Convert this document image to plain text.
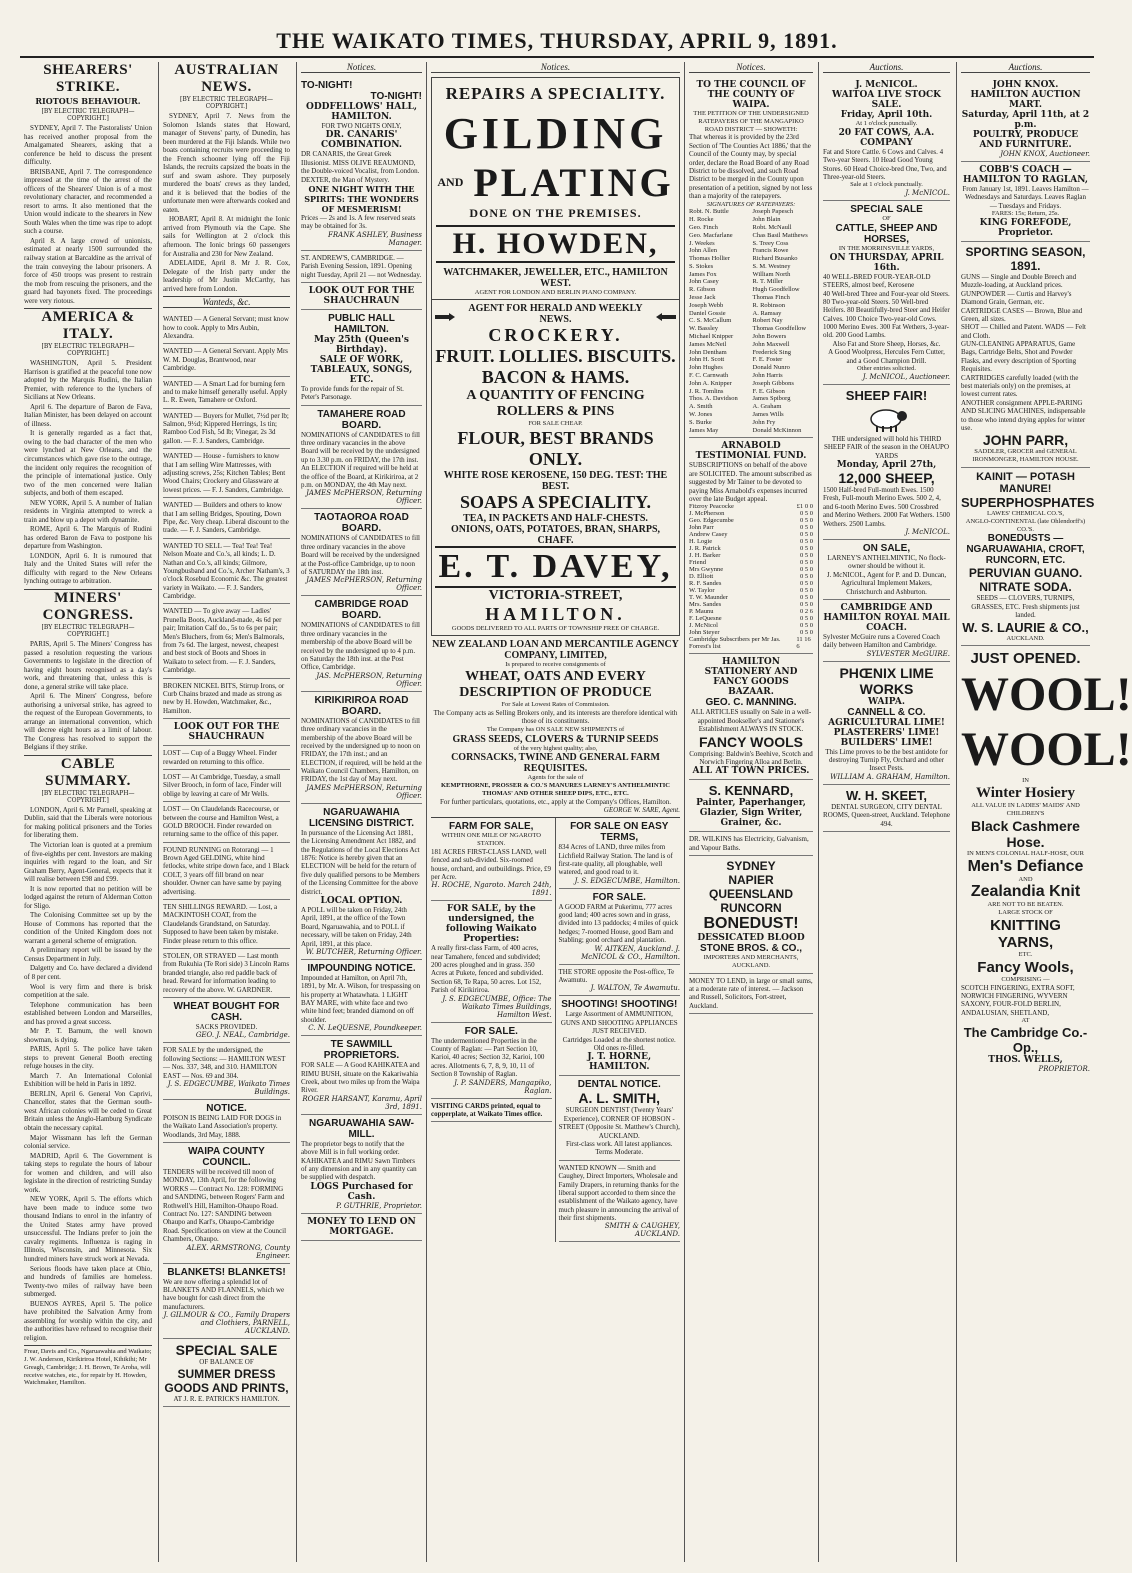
THE WAIKATO TIMES, THURSDAY, APRIL 9, 1891.
SHEARERS' STRIKE.
RIOTOUS BEHAVIOUR.
[BY ELECTRIC TELEGRAPH—COPYRIGHT.]

SYDNEY, April 7. The Pastoralists' Union has received another proposal from the Amalgamated Shearers, asking that a conference be held to discuss the present difficulty.

BRISBANE, April 7. The correspondence impressed at the time of the arrest of the officers of the Shearers' Union is of a most revolutionary character, and recommended a resort to arms. It also mentioned that the Union would indicate to the shearers in New South Wales when the time was ripe to adopt such a course.

April 8. A large crowd of unionists, estimated at nearly 1500 surrounded the railway station at Barcaldine as the arrival of the train conveying the labour prisoners. A force of 450 troops was present to restrain the mob from rescuing the prisoners, and the guard had bayonets fixed. The proceedings were very riotous.

AMERICA & ITALY.
[BY ELECTRIC TELEGRAPH—COPYRIGHT.]

WASHINGTON, April 5. President Harrison is gratified at the peaceful tone now adopted by the Marquis Rudini, the Italian Premier, with reference to the lynchers of Sicilians at New Orleans.

April 6. The departure of Baron de Fava, Italian Minister, has been delayed on account of illness.

It is generally regarded as a fact that, owing to the bad character of the men who were lynched at New Orleans, and the circumstances which gave rise to the outrage, the incident only requires the recognition of the principle of international justice. Only two of the men concerned were Italian subjects, and both of them escaped.

NEW YORK, April 5. A number of Italian residents in Virginia attempted to wreck a train and blow up a depot with dynamite.

ROME, April 6. The Marquis of Rudini has ordered Baron de Fava to postpone his departure from Washington.

LONDON, April 6. It is rumoured that Italy and the United States will refer the difficulty with regard to the New Orleans lynching outrage to arbitration.

MINERS' CONGRESS.
[BY ELECTRIC TELEGRAPH—COPYRIGHT.]

PARIS, April 5. The Miners' Congress has passed a resolution requesting the various Governments to legislate in the direction of having eight hours recognised as a day's work, and threatening that, unless this is done, a general strike will take place.

April 6. The Miners' Congress, before authorising a universal strike, has agreed to the request of the European Governments, to arrange an international convention, which will decree eight hours as a limit of labour. The Congress has resolved to support the Belgians if they strike.

CABLE SUMMARY.
[BY ELECTRIC TELEGRAPH—COPYRIGHT.]

LONDON, April 6. Mr Parnell, speaking at Dublin, said that the Liberals were notorious for making political prisoners and the Tories for liberating them.

The Victorian loan is quoted at a premium of five-eighths per cent. Investors are making inquiries with regard to the loan, and Sir Graham Berry, Agent-General, expects that it will realise between £98 and £99.

It is now reported that no petition will be lodged against the return of Alderman Cotton for Sligo.

The Colonising Committee set up by the House of Commons has reported that the condition of the United Kingdom does not warrant a general scheme of emigration.

A preliminary report will be issued by the Census Department in July.

Dalgetty and Co. have declared a dividend of 8 per cent.

Wool is very firm and there is brisk competition at the sale.

Telephone communication has been established between London and Marseilles, and has proved a great success.

Mr P. T. Barnum, the well known showman, is dying.

PARIS, April 5. The police have taken steps to prevent General Booth erecting refuge houses in the city.

March 7. An International Colonial Exhibition will be held in Paris in 1892.

BERLIN, April 6. General Von Caprivi, Chancellor, states that the German south-west African colonies will be ceded to Great Britain unless the Anglo-Hamburg Syndicate obtain the necessary capital.

Major Wissmann has left the German colonial service.

MADRID, April 6. The Government is taking steps to regulate the hours of labour for women and children, and will also legislate in the direction of restricting Sunday work.

NEW YORK, April 5. The efforts which have been made to induce some two thousand Indians to enrol in the infantry of the United States army have proved unsuccessful. The Indians prefer to join the cavalry regiments. Influenza is raging in Illinois, Wisconsin, and Minnesota. Six hundred miners have struck work at Nevada.

Serious floods have taken place at Ohio, and hundreds of families are homeless. Twenty-two miles of railway have been submerged.

BUENOS AYRES, April 5. The police have prohibited the Salvation Army from assembling for worship within the city, and the authorities have refused to recognise their religion.

Frear, Davis and Co., Ngaruawahia and Waikato; J. W. Anderson, Kirikiriroa Hotel, Kihikihi; Mr Greagh, Cambridge; J. H. Brown, Te Aroha, will receive watches, etc., for repair by H. Howden, Watchmaker, Hamilton.

AUSTRALIAN NEWS.
[BY ELECTRIC TELEGRAPH—COPYRIGHT.]

SYDNEY, April 7. News from the Solomon Islands states that Howard, manager of Stevens' party, of Dunedin, has been murdered at the Fiji Islands. While two boats containing recruits were proceeding to the French schooner lying off the Fiji Islands, the recruits capsized the boats in the surf and swam ashore. They purposely murdered the boats' crews as they landed, and it is believed that the bodies of the unfortunate men were afterwards cooked and eaten.

HOBART, April 8. At midnight the Ionic arrived from Plymouth via the Cape. She sails for Wellington at 2 o'clock this afternoon. The Ionic brings 60 passengers for Australia and 230 for New Zealand.

ADELAIDE, April 8. Mr J. R. Cox, Delegate of the Irish party under the leadership of Mr Justin McCarthy, has arrived here from London.

Wanteds, &c.

WANTED — A General Servant; must know how to cook. Apply to Mrs Aubin, Alexandra.

WANTED — A General Servant. Apply Mrs W. M. Douglas, Brantwood, near Cambridge.

WANTED — A Smart Lad for burning fern and to make himself generally useful. Apply L. R. Ewen, Tamahere or Oxford.

WANTED — Buyers for Mullet, 7½d per lb; Salmon, 9½d; Kippered Herrings, 1s tin; Ramboo Cod Fish, 5d lb; Vinegar, 2s 3d gallon. — F. J. Sanders, Cambridge.

WANTED — House - furnishers to know that I am selling Wire Mattresses, with adjusting screws, 25s; Kitchen Tables; Bent Wood Chairs; Crockery and Glassware at lowest prices. — F. J. Sanders, Cambridge.

WANTED — Builders and others to know that I am selling Bridges, Spouting, Down Pipe, &c. Very cheap. Liberal discount to the trade. — F. J. Sanders, Cambridge.

WANTED TO SELL — Tea! Tea! Tea! Nelson Moate and Co.'s, all kinds; L. D. Nathan and Co.'s, all kinds; Gilmore, Youngbusband and Co.'s, Archer Natham's, 3 o'clock Rosebud Economic &c. The greatest variety in Waikato. — F. J. Sanders, Cambridge.

WANTED — To give away — Ladies' Prunella Boots, Auckland-made, 4s 6d per pair; Imitation Calf do., 5s to 6s per pair; Men's Bluchers, from 6s; Men's Balmorals, from 7s 6d. The largest, newest, cheapest and best stock of Boots and Shoes in Waikato to select from. — F. J. Sanders, Cambridge.

BROKEN NICKEL BITS, Stirrup Irons, or Curb Chains brazed and made as strong as new by H. Howden, Watchmaker, &c., Hamilton.

LOOK OUT FOR THE SHAUCHRAUN

LOST — Cup of a Buggy Wheel. Finder rewarded on returning to this office.

LOST — At Cambridge, Tuesday, a small Silver Brooch, in form of lace, Finder will oblige by leaving at care of Mr Wells.

LOST — On Claudelands Racecourse, or between the course and Hamilton West, a GOLD BROOCH. Finder rewarded on returning same to the office of this paper.

FOUND RUNNING on Rotorangi — 1 Brown Aged GELDING, white hind fetlocks, white stripe down face, and 1 Black COLT, 3 years off fill brand on near shoulder. Owner can have same by paying advertising.

TEN SHILLINGS REWARD. — Lost, a MACKINTOSH COAT, from the Claudelands Grandstand, on Saturday. Supposed to have been taken by mistake. Finder please return to this office.

STOLEN, OR STRAYED — Last month from Rukuhia (Te Rori side) 3 Lincoln Rams branded triangle, also red paddle back of head. Reward for information leading to recovery of the above. W. GARDNER.

WHEAT BOUGHT FOR CASH.
SACKS PROVIDED.
GEO. J. NEAL, Cambridge.

FOR SALE by the undersigned, the following Sections: — HAMILTON WEST — Nos. 337, 348, and 310. HAMILTON EAST — Nos. 69 and 304.

J. S. EDGECUMBE, Waikato Times Buildings.
NOTICE.

POISON IS BEING LAID FOR DOGS in the Waikato Land Association's property. Woodlands, 3rd May, 1888.

WAIPA COUNTY COUNCIL.

TENDERS will be received till noon of MONDAY, 13th April, for the following WORKS — Contract No. 128: FORMING and SANDING, between Rogers' Farm and Rothwell's Hill, Hamilton-Ohaupo Road. Contract No. 127: SANDING between Ohaupo and Karl's, Ohaupo-Cambridge Road. Specifications on view at the Council Chambers, Ohaupo.

ALEX. ARMSTRONG, County Engineer.
BLANKETS! BLANKETS!

We are now offering a splendid lot of BLANKETS AND FLANNELS, which we have bought for cash direct from the manufacturers.

J. GILMOUR & CO., Family Drapers and Clothiers, PARNELL, AUCKLAND.
SPECIAL SALE
OF BALANCE OF
SUMMER DRESS GOODS AND PRINTS,
AT J. R. E. PATRICK'S HAMILTON.
Notices.
TO-NIGHT!
TO-NIGHT!
ODDFELLOWS' HALL, HAMILTON.
FOR TWO NIGHTS ONLY,
DR. CANARIS' COMBINATION.

DR CANARIS, the Great Greek Illusionist. MISS OLIVE REAUMOND, the Double-voiced Vocalist, from London. DEXTER, the Man of Mystery.

ONE NIGHT WITH THE SPIRITS: THE WONDERS OF MESMERISM!

Prices — 2s and 1s. A few reserved seats may be obtained for 3s.

FRANK ASHLEY, Business Manager.

ST. ANDREW'S, CAMBRIDGE. — Parish Evening Session, 1891. Opening night Tuesday, April 21 — not Wednesday.

LOOK OUT FOR THE SHAUCHRAUN
PUBLIC HALL HAMILTON.
May 25th (Queen's Birthday).
SALE OF WORK, TABLEAUX, SONGS, ETC.

To provide funds for the repair of St. Peter's Parsonage.

TAMAHERE ROAD BOARD.

NOMINATIONS of CANDIDATES to fill three ordinary vacancies in the above Board will be received by the undersigned up to 3.30 p.m. on FRIDAY, the 17th inst. An ELECTION if required will be held at the office of the Board, at Kirikiriroa, at 2 p.m. on MONDAY, the 4th May next.

JAMES McPHERSON, Returning Officer.
TAOTAOROA ROAD BOARD.

NOMINATIONS of CANDIDATES to fill three ordinary vacancies in the above Board will be received by the undersigned at the Post-office Cambridge, up to noon of SATURDAY the 18th inst.

JAMES McPHERSON, Returning Officer.
CAMBRIDGE ROAD BOARD.

NOMINATIONS of CANDIDATES to fill three ordinary vacancies in the membership of the above Board will be received by the undersigned up to 4 p.m. on Saturday the 18th inst. at the Post Office, Cambridge.

JAS. McPHERSON, Returning Officer.
KIRIKIRIROA ROAD BOARD.

NOMINATIONS of CANDIDATES to fill three ordinary vacancies in the membership of the above Board will be received by the undersigned up to noon on FRIDAY, the 17th inst.; and an ELECTION, if required, will be held at the Waikato Council Chambers, Hamilton, on FRIDAY, the 1st day of May next.

JAMES McPHERSON, Returning Officer.
NGARUAWAHIA LICENSING DISTRICT.

In pursuance of the Licensing Act 1881, the Licensing Amendment Act 1882, and the Regulations of the Local Elections Act 1876: Notice is hereby given that an ELECTION will be held for the return of five duly qualified persons to be Members of the Licensing Committee for the above district.

LOCAL OPTION.

A POLL will be taken on Friday, 24th April, 1891, at the office of the Town Board, Ngaruawahia, and to POLL if necessary, will be taken on Friday, 24th April, 1891, at this place.

W. BUTCHER, Returning Officer.
IMPOUNDING NOTICE.

Impounded at Hamilton, on April 7th, 1891, by Mr. A. Wilson, for trespassing on his property at Whatawhata. 1 LIGHT BAY MARE, with white face and two white hind feet; branded diamond on off shoulder.

C. N. LeQUESNE, Poundkeeper.
TE SAWMILL PROPRIETORS.

FOR SALE — A Good KAHIKATEA and RIMU BUSH, situate on the Kakariwahia Creek, about two miles up from the Waipa River.

ROGER HARSANT, Karamu, April 3rd, 1891.
NGARUAWAHIA SAW-MILL.

The proprietor begs to notify that the above Mill is in full working order. KAHIKATEA and RIMU Sawn Timbers of any dimension and in any quantity can be supplied with despatch.

LOGS Purchased for Cash.
P. GUTHRIE, Proprietor.
MONEY TO LEND ON MORTGAGE.
Notices.
REPAIRS A SPECIALITY.
GILDING
AND PLATING
DONE ON THE PREMISES.
H. HOWDEN,
WATCHMAKER, JEWELLER, ETC., HAMILTON WEST.
AGENT FOR LONDON AND BERLIN PIANO COMPANY.
AGENT FOR HERALD AND WEEKLY NEWS.
CROCKERY.
FRUIT. LOLLIES. BISCUITS.
BACON & HAMS.
A QUANTITY OF FENCING ROLLERS & PINS
FOR SALE CHEAP.
FLOUR, BEST BRANDS ONLY.
WHITE ROSE KEROSENE, 150 DEG. TEST: THE BEST.
SOAPS A SPECIALITY.
TEA, IN PACKETS AND HALF-CHESTS.
ONIONS, OATS, POTATOES, BRAN, SHARPS, CHAFF.
E. T. DAVEY,
VICTORIA-STREET,
HAMILTON.
GOODS DELIVERED TO ALL PARTS OF TOWNSHIP FREE OF CHARGE.
NEW ZEALAND LOAN AND MERCANTILE AGENCY COMPANY, LIMITED,
Is prepared to receive consignments of
WHEAT, OATS AND EVERY DESCRIPTION OF PRODUCE
For Sale at Lowest Rates of Commission.

The Company acts as Selling Brokers only, and its interests are therefore identical with those of its constituents.

The Company has ON SALE NEW SHIPMENTS of
GRASS SEEDS, CLOVERS & TURNIP SEEDS
of the very highest quality; also,
CORNSACKS, TWINE AND GENERAL FARM REQUISITES.
Agents for the sale of
KEMPTHORNE, PROSSER & CO.'S MANURES LARNEY'S ANTHELMINTIC THOMAS' AND OTHER SHEEP DIPS, ETC., ETC.

For further particulars, quotations, etc., apply at the Company's Offices, Hamilton.

GEORGE W. SARE, Agent.
FARM FOR SALE,
WITHIN ONE MILE OF NGAROTO STATION.

181 ACRES FIRST-CLASS LAND, well fenced and sub-divided. Six-roomed house, orchard, and outbuildings. Price, £9 per Acre.

H. ROCHE, Ngaroto. March 24th, 1891.
FOR SALE, by the undersigned, the following Waikato Properties:

A really first-class Farm, of 400 acres, near Tamahere, fenced and subdivided; 200 acres ploughed and in grass. 350 Acres at Pukete, fenced and subdivided. Section 68, Te Rapa, 50 acres. Lot 152, Parish of Kirikiriroa.

J. S. EDGECUMBE, Office: The Waikato Times Buildings, Hamilton West.
FOR SALE.

The undermentioned Properties in the County of Raglan: — Part Section 10, Karioi, 40 acres; Section 32, Karioi, 100 acres. Allotments 6, 7, 8, 9, 10, 11 of Section 8 Township of Raglan.

J. P. SANDERS, Mangapiko, Raglan.

VISITING CARDS printed, equal to copperplate, at Waikato Times office.

FOR SALE ON EASY TERMS,

834 Acres of LAND, three miles from Lichfield Railway Station. The land is of first-rate quality, all ploughable, well watered, and good road to it.

J. S. EDGECUMBE, Hamilton.
FOR SALE.

A GOOD FARM at Pukerimu, 777 acres good land; 400 acres sown and in grass, divided into 13 paddocks; 4 miles of quick hedges; 7-roomed House, good Barn and Stabling; good orchard and plantation.

W. AITKEN, Auckland. J. McNICOL & CO., Hamilton.

THE STORE opposite the Post-office, Te Awamutu.

J. WALTON, Te Awamutu.
SHOOTING! SHOOTING!

Large Assortment of AMMUNITION, GUNS AND SHOOTING APPLIANCES JUST RECEIVED.

Cartridges Loaded at the shortest notice. Old ones re-filled.

J. T. HORNE, HAMILTON.
DENTAL NOTICE.
A. L. SMITH,

SURGEON DENTIST (Twenty Years' Experience), CORNER OF HOBSON - STREET (Opposite St. Matthew's Church), AUCKLAND.

First-class work. All latest appliances. Terms Moderate.

WANTED KNOWN — Smith and Caughey, Direct Importers, Wholesale and Family Drapers, in returning thanks for the liberal support accorded to them since the establishment of the Waikato agency, have much pleasure in announcing the arrival of their first shipments.

SMITH & CAUGHEY, AUCKLAND.
Notices.
TO THE COUNCIL OF THE COUNTY OF WAIPA.
THE PETITION OF THE UNDERSIGNED RATEPAYERS OF THE MANGAPIKO ROAD DISTRICT — SHOWETH:

That whereas it is provided by the 23rd Section of 'The Counties Act 1886,' that the Council of the County may, by special order, declare the Road Board of any Road District to be dissolved, and such Road District to be merged in the County upon presentation of a petition, signed by not less than a majority of the ratepayers.

SIGNATURES OF RATEPAYERS:
Robt. N. Buttle
H. Rocke
Geo. Finch
Geo. Macfarlane
J. Weekes
John Allen
Thomas Hollier
S. Stokes
James Fox
John Casey
R. Gibson
Jesse Jack
Joseph Webb
Daniel Gossie
C. S. McCallum
W. Bassley
Michael Knipper
James McNeil
John Dentham
John H. Scott
John Hughes
F. C. Carnwath
John A. Knipper
J. R. Tomlins
Thos. A. Davidson
A. Smith
W. Jones
S. Burke
James May
Joseph Papesch
John Blain
Robt. McNaull
Chas Basil Matthews
S. Treey Coss
Francis Rowe
Richard Busanko
S. M. Westney
William North
R. T. Miller
Hugh Goodfellow
Thomas Finch
R. Robinson
A. Ramsay
Robert Nay
Thomas Goodfellow
John Bowers
John Maxwell
Frederick Sing
F. E. Foster
Donald Nunro
John Harris
Joseph Gibbons
F. E. Gibson
James Spiborg
A. Graham
James Wills
John Fry
Donald McKinnon
ARNABOLD TESTIMONIAL FUND.

SUBSCRIPTIONS on behalf of the above are SOLICITED. The amount subscribed as suggested by Mr Tainer to be devoted to paying Miss Arnabold's expenses incurred over the late Budget appeal.

Fitzroy Peacocke	£1 0 0
J. McPherson	0 5 0
Geo. Edgecumbe	0 5 0
John Parr	0 5 0
Andrew Casey	0 5 0
H. Logie	0 5 0
J. R. Patrick	0 5 0
J. H. Barker	0 5 0
Friend	0 5 0
Mrs Gwynne	0 5 0
D. Elliott	0 5 0
R. F. Sandes	0 5 0
W. Taylor	0 5 0
T. W. Maunder	0 5 0
Mrs. Sandes	0 5 0
P. Maunu	0 2 6
F. LeQuesne	0 5 0
J. McNicol	0 5 0
John Steyer	0 5 0
Cambridge Subscribers per Mr Jas. Forrest's list
11 16 6
HAMILTON STATIONERY AND FANCY GOODS BAZAAR.
GEO. C. MANNING.

ALL ARTICLES usually on Sale in a well-appointed Bookseller's and Stationer's Establishment ALWAYS IN STOCK.

FANCY WOOLS

Comprising: Baldwin's Beehive, Scotch and Norwich Fingering Alloa and Berlin.

ALL AT TOWN PRICES.
S. KENNARD,
Painter, Paperhanger, Glazier, Sign Writer, Grainer, &c.

DR. WILKINS has Electricity, Galvanism, and Vapour Baths.

SYDNEY
NAPIER
QUEENSLAND
RUNCORN
BONEDUST!
DESSICATED BLOOD
STONE BROS. & CO.,
IMPORTERS AND MERCHANTS, AUCKLAND.

MONEY TO LEND, in large or small sums, at a moderate rate of interest. — Jackson and Russell, Solicitors, Fort-street, Auckland.

Auctions.
J. McNICOL.
WAITOA LIVE STOCK SALE.
Friday, April 10th.
At 1 o'clock punctually.
20 FAT COWS, A.A. COMPANY

Fat and Store Cattle. 6 Cows and Calves. 4 Two-year Steers. 10 Head Good Young Stores. 60 Head Choice-bred One, Two, and Three-year-old Steers.

Sale at 1 o'clock punctually.
J. McNICOL.
SPECIAL SALE
OF
CATTLE, SHEEP AND HORSES,
IN THE MORRINSVILLE YARDS,
ON THURSDAY, APRIL 16th.

40 WELL-BRED FOUR-YEAR-OLD STEERS, almost beef, Kerosene

40 Well-bred Three and Four-year old Steers. 80 Two-year-old Steers. 50 Well-bred Heifers. 80 Beautifully-bred Steer and Heifer Calves. 100 Choice Two-year-old Cows. 1000 Merino Ewes. 300 Fat Wethers, 3-year-old. 200 Good Lambs.

Also Fat and Store Sheep, Horses, &c.

A Good Woolpress, Hercules Fern Cutter, and a Good Champion Drill.

Other entries solicited.
J. McNICOL, Auctioneer.
SHEEP FAIR!

THE undersigned will hold his THIRD SHEEP FAIR of the season in the OHAUPO YARDS

Monday, April 27th,
12,000 SHEEP,

1500 Half-bred Full-mouth Ewes. 1500 Fresh, Full-mouth Merino Ewes. 500 2, 4, and 6-tooth Merino Ewes. 500 Crossbred and Merino Wethers. 2000 Fat Wethers. 1500 Wethers. 2500 Lambs.

J. McNICOL.
ON SALE,

LARNEY'S ANTHELMINTIC, No flock-owner should be without it.

J. McNICOL, Agent for P. and D. Duncan, Agricultural Implement Makers, Christchurch and Ashburton.

CAMBRIDGE AND HAMILTON ROYAL MAIL COACH.

Sylvester McGuire runs a Covered Coach daily between Hamilton and Cambridge.

SYLVESTER McGUIRE.
PHŒNIX LIME WORKS
WAIPA.
CANNELL & CO.
AGRICULTURAL LIME!
PLASTERERS' LIME!
BUILDERS' LIME!

This Lime proves to be the best antidote for destroying Turnip Fly, Orchard and other Insect Pests.

WILLIAM A. GRAHAM, Hamilton.
W. H. SKEET,

DENTAL SURGEON, CITY DENTAL ROOMS, Queen-street, Auckland. Telephone 494.

Auctions.
JOHN KNOX.
HAMILTON AUCTION MART.
Saturday, April 11th, at 2 p.m.
POULTRY, PRODUCE AND FURNITURE.
JOHN KNOX, Auctioneer.
COBB'S COACH — HAMILTON TO RAGLAN,

From January 1st, 1891. Leaves Hamilton — Wednesdays and Saturdays. Leaves Raglan — Tuesdays and Fridays.

FARES: 15s; Return, 25s.
KING FOREFODE, Proprietor.
SPORTING SEASON, 1891.

GUNS — Single and Double Breech and Muzzle-loading, at Auckland prices.

GUNPOWDER — Curtis and Harvey's Diamond Grain, German, etc.

CARTRIDGE CASES — Brown, Blue and Green, all sizes.

SHOT — Chilled and Patent. WADS — Felt and Cloth.

GUN-CLEANING APPARATUS, Game Bags, Cartridge Belts, Shot and Powder Flasks, and every description of Sporting Requisites.

CARTRIDGES carefully loaded (with the best materials only) on the premises, at lowest current rates.

ANOTHER consignment APPLE-PARING AND SLICING MACHINES, indispensable to those who intend drying apples for winter use.

JOHN PARR,
SADDLER, GROCER and GENERAL IRONMONGER, HAMILTON HOUSE.
KAINIT — POTASH MANURE!
SUPERPHOSPHATES
LAWES' CHEMICAL CO.'S,
ANGLO-CONTINENTAL (late Ohlendorff's) CO.'S.
BONEDUSTS — NGARUAWAHIA, CROFT, RUNCORN, ETC.
PERUVIAN GUANO.
NITRATE SODA.

SEEDS — CLOVERS, TURNIPS, GRASSES, ETC. Fresh shipments just landed.

W. S. LAURIE & CO.,
AUCKLAND.
JUST OPENED.
WOOL!
WOOL!
IN
Winter Hosiery
ALL VALUE IN LADIES' MAIDS' AND CHILDREN'S
Black Cashmere Hose.
IN MEN'S COLONIAL HALF-HOSE, OUR
Men's Defiance
AND
Zealandia Knit
ARE NOT TO BE BEATEN.
LARGE STOCK OF
KNITTING YARNS,
ETC.
Fancy Wools,
COMPRISING —

SCOTCH FINGERING, EXTRA SOFT, NORWICH FINGERING, WYVERN SAXONY, FOUR-FOLD BERLIN, ANDALUSIAN, SHETLAND,

AT
The Cambridge Co.-Op.,
THOS. WELLS,
PROPRIETOR.
